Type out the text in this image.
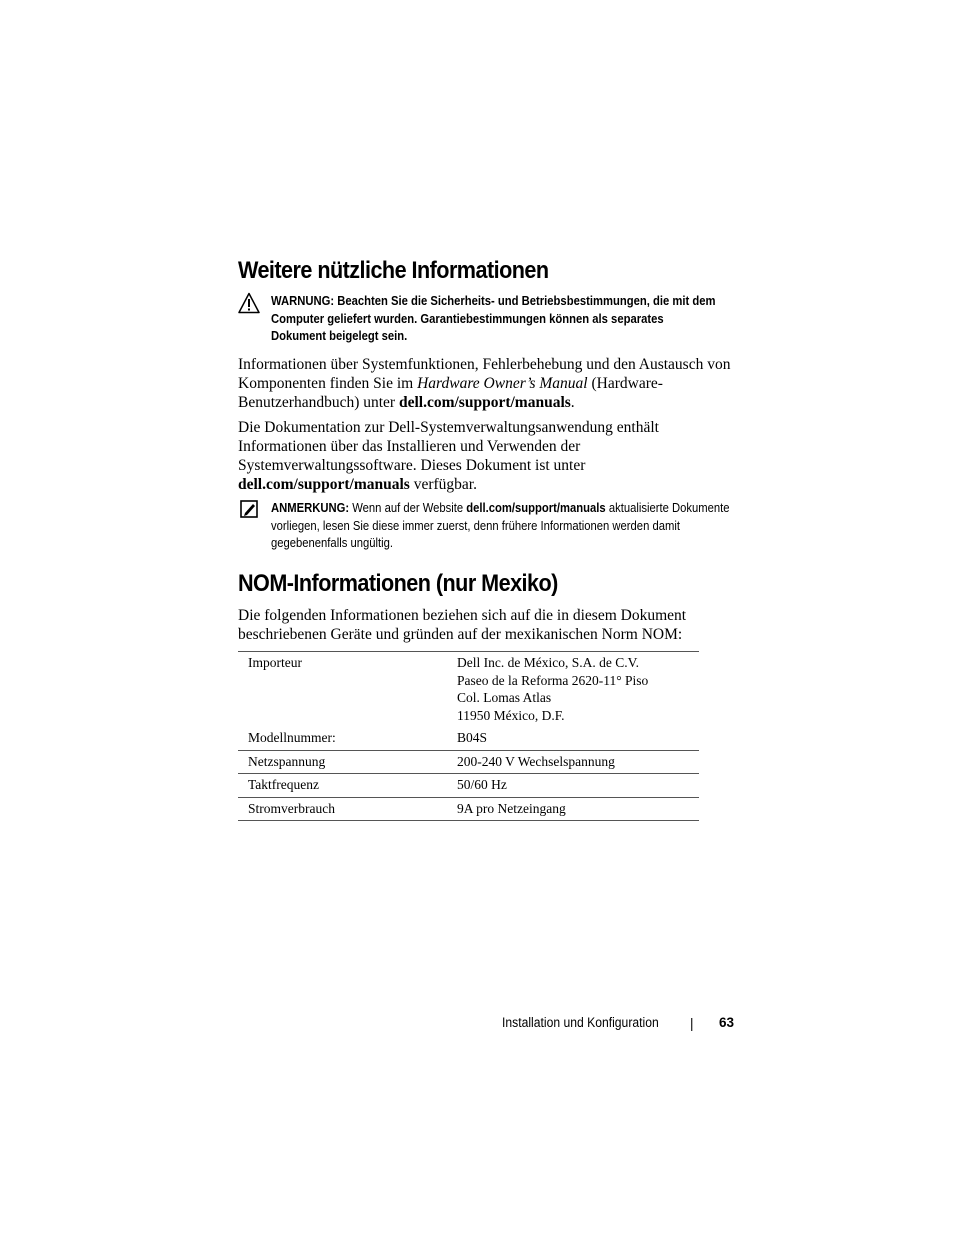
Weitere nützliche Informationen
WARNUNG: Beachten Sie die Sicherheits- und Betriebsbestimmungen, die mit dem Computer geliefert wurden. Garantiebestimmungen können als separates Dokument beigelegt sein.
Informationen über Systemfunktionen, Fehlerbehebung und den Austausch von Komponenten finden Sie im Hardware Owner’s Manual (Hardware-Benutzerhandbuch) unter dell.com/support/manuals.
Die Dokumentation zur Dell-Systemverwaltungsanwendung enthält Informationen über das Installieren und Verwenden der Systemverwaltungssoftware. Dieses Dokument ist unter dell.com/support/manuals verfügbar.
ANMERKUNG: Wenn auf der Website dell.com/support/manuals aktualisierte Dokumente vorliegen, lesen Sie diese immer zuerst, denn frühere Informationen werden damit gegebenenfalls ungültig.
NOM-Informationen (nur Mexiko)
Die folgenden Informationen beziehen sich auf die in diesem Dokument beschriebenen Geräte und gründen auf der mexikanischen Norm NOM:
Importeur	Dell Inc. de México, S.A. de C.V.
Paseo de la Reforma 2620-11° Piso
Col. Lomas Atlas
11950 México, D.F.

Modellnummer:	B04S
Netzspannung	200-240 V Wechselspannung
Taktfrequenz	50/60 Hz
Stromverbrauch	9A pro Netzeingang
Installation und Konfiguration | 63
